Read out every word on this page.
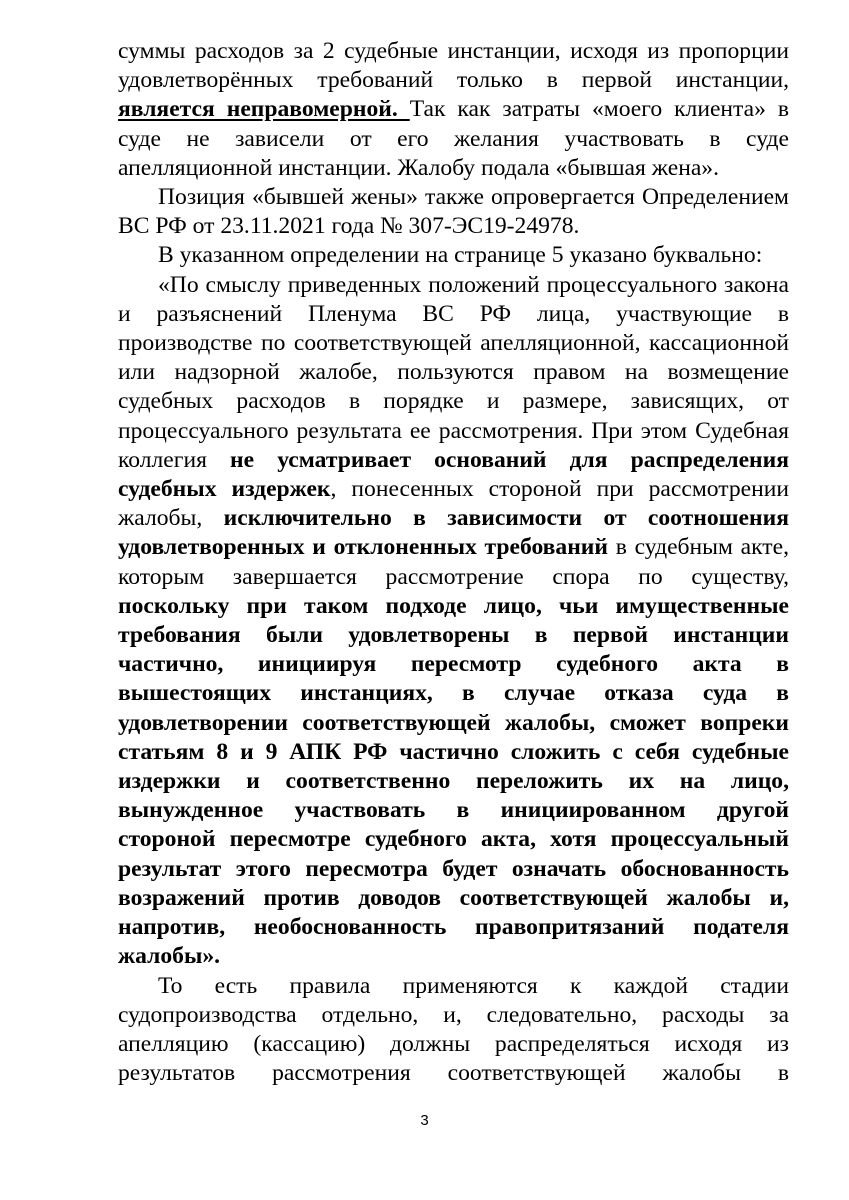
суммы расходов за 2 судебные инстанции, исходя из пропорции удовлетворённых требований только в первой инстанции, является неправомерной. Так как затраты «моего клиента» в суде не зависели от его желания участвовать в суде апелляционной инстанции. Жалобу подала «бывшая жена».

Позиция «бывшей жены» также опровергается Определением ВС РФ от 23.11.2021 года № 307-ЭС19-24978.

В указанном определении на странице 5 указано буквально:

«По смыслу приведенных положений процессуального закона и разъяснений Пленума ВС РФ лица, участвующие в производстве по соответствующей апелляционной, кассационной или надзорной жалобе, пользуются правом на возмещение судебных расходов в порядке и размере, зависящих, от процессуального результата ее рассмотрения. При этом Судебная коллегия не усматривает оснований для распределения судебных издержек, понесенных стороной при рассмотрении жалобы, исключительно в зависимости от соотношения удовлетворенных и отклоненных требований в судебным акте, которым завершается рассмотрение спора по существу, поскольку при таком подходе лицо, чьи имущественные требования были удовлетворены в первой инстанции частично, инициируя пересмотр судебного акта в вышестоящих инстанциях, в случае отказа суда в удовлетворении соответствующей жалобы, сможет вопреки статьям 8 и 9 АПК РФ частично сложить с себя судебные издержки и соответственно переложить их на лицо, вынужденное участвовать в инициированном другой стороной пересмотре судебного акта, хотя процессуальный результат этого пересмотра будет означать обоснованность возражений против доводов соответствующей жалобы и, напротив, необоснованность правопритязаний подателя жалобы».

То есть правила применяются к каждой стадии судопроизводства отдельно, и, следовательно, расходы за апелляцию (кассацию) должны распределяться исходя из результатов рассмотрения соответствующей жалобы в

3
